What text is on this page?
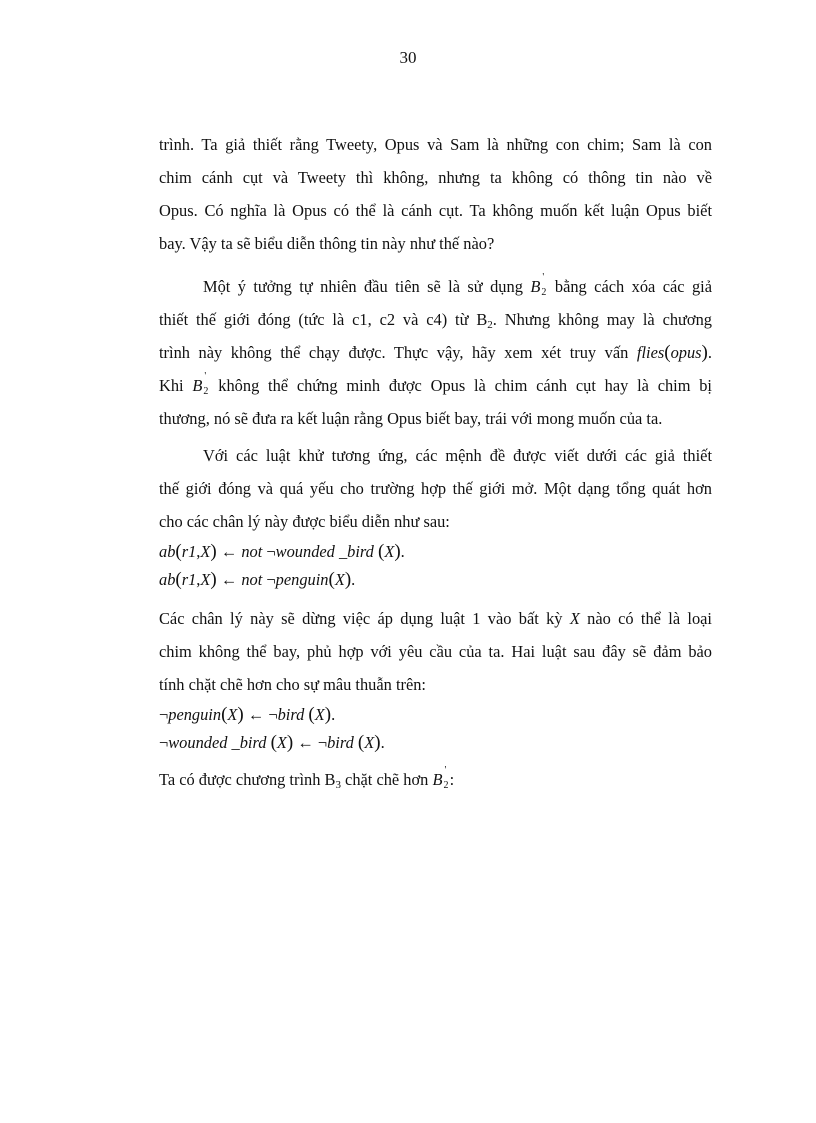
30
trình. Ta giả thiết rằng Tweety, Opus và Sam là những con chim; Sam là con
chim cánh cụt và Tweety thì không, nhưng ta không có thông tin nào về
Opus. Có nghĩa là Opus có thể là cánh cụt. Ta không muốn kết luận Opus biết
bay. Vậy ta sẽ biểu diễn thông tin này như thế nào?
Một ý tưởng tự nhiên đầu tiên sẽ là sử dụng B 2
' bằng cách xóa các giả
thiết thế giới đóng (tức là c1, c2 và c4) từ $B_2$. Nhưng không may là chương
trình này không thể chạy được. Thực vậy, hãy xem xét truy vấn flies(opus).
Khi B 2
' không thể chứng minh được Opus là chim cánh cụt hay là chim bị
thương, nó sẽ đưa ra kết luận rằng Opus biết bay, trái với mong muốn của ta.
Với các luật khử tương ứng, các mệnh đề được viết dưới các giả thiết
thế giới đóng và quá yếu cho trường hợp thế giới mở. Một dạng tổng quát hơn
cho các chân lý này được biểu diễn như sau:
ab(r1,X) ← not ¬wounded _bird (X).
ab(r1,X) ← not ¬penguin(X).
Các chân lý này sẽ dừng việc áp dụng luật 1 vào bất kỳ X nào có thể là loại
chim không thể bay, phủ hợp với yêu cầu của ta. Hai luật sau đây sẽ đảm bảo
tính chặt chẽ hơn cho sự mâu thuẫn trên:
¬penguin(X) ← ¬bird (X).
¬wounded _bird (X) ← ¬bird (X).
Ta có được chương trình $B_3$ chặt chẽ hơn B 2
' :
